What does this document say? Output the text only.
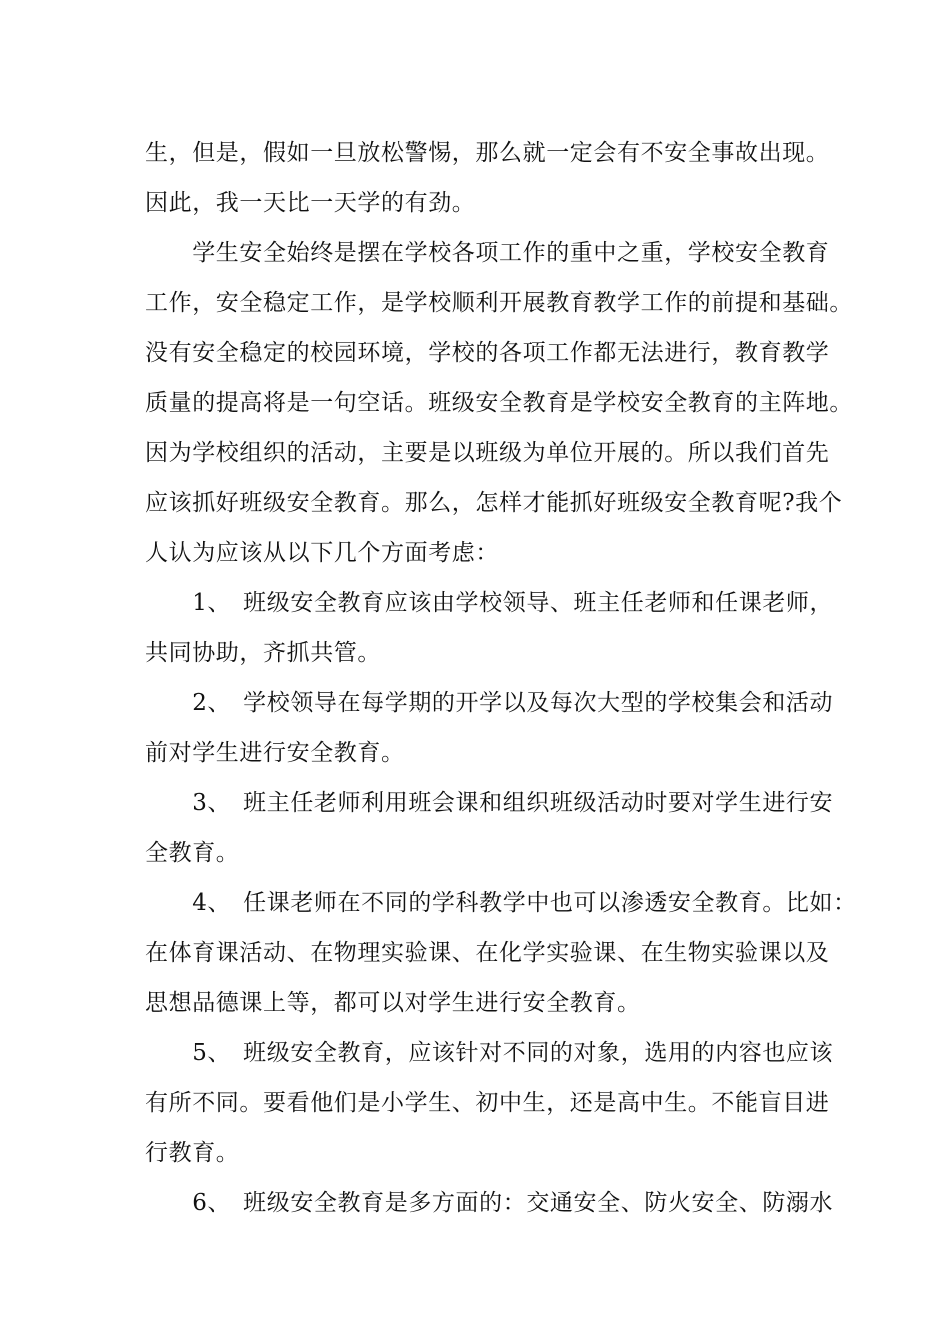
生，但是，假如一旦放松警惕，那么就一定会有不安全事故出现。
因此，我一天比一天学的有劲。
　　学生安全始终是摆在学校各项工作的重中之重，学校安全教育
工作，安全稳定工作，是学校顺利开展教育教学工作的前提和基础。
没有安全稳定的校园环境，学校的各项工作都无法进行，教育教学
质量的提高将是一句空话。班级安全教育是学校安全教育的主阵地。
因为学校组织的活动，主要是以班级为单位开展的。所以我们首先
应该抓好班级安全教育。那么，怎样才能抓好班级安全教育呢?我个
人认为应该从以下几个方面考虑：
　　1、　班级安全教育应该由学校领导、班主任老师和任课老师，
共同协助，齐抓共管。
　　2、　学校领导在每学期的开学以及每次大型的学校集会和活动
前对学生进行安全教育。
　　3、　班主任老师利用班会课和组织班级活动时要对学生进行安
全教育。
　　4、　任课老师在不同的学科教学中也可以渗透安全教育。比如：
在体育课活动、在物理实验课、在化学实验课、在生物实验课以及
思想品德课上等，都可以对学生进行安全教育。
　　5、　班级安全教育，应该针对不同的对象，选用的内容也应该
有所不同。要看他们是小学生、初中生，还是高中生。不能盲目进
行教育。
　　6、　班级安全教育是多方面的：交通安全、防火安全、防溺水
